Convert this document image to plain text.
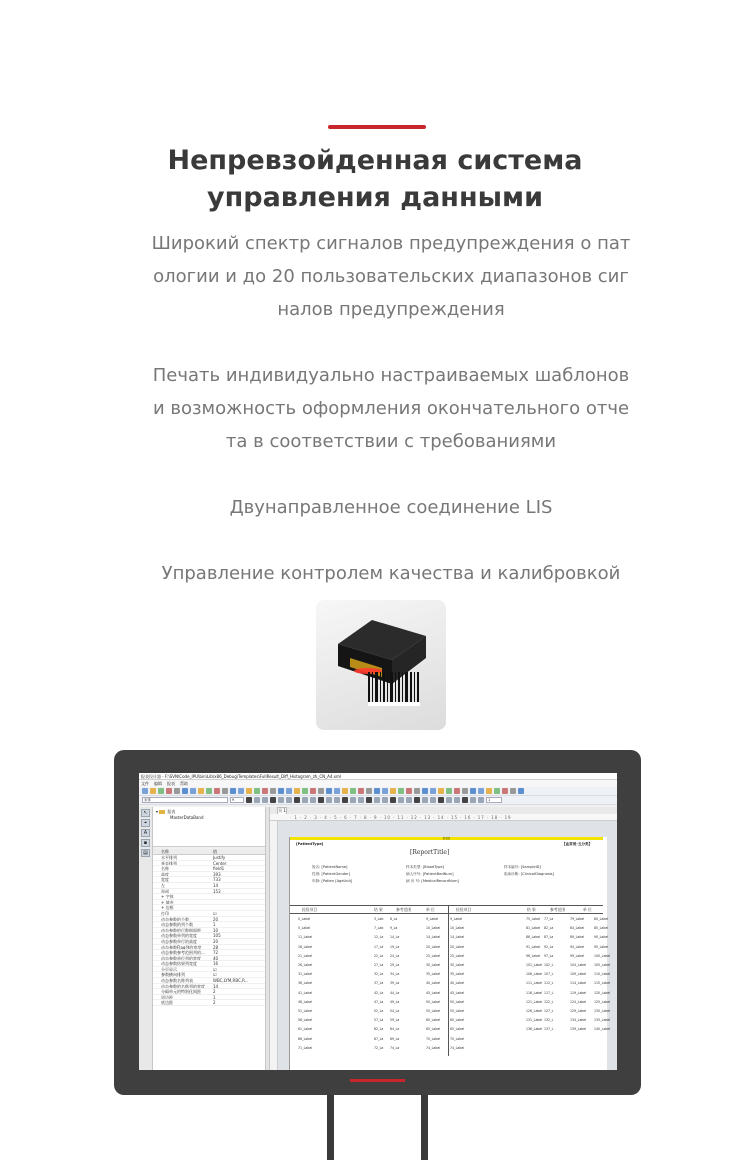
Непревзойденная система
управления данными
Широкий спектр сигналов предупреждения о пат
ологии и до 20 пользовательских диапазонов сиг
налов предупреждения
Печать индивидуально настраиваемых шаблонов
и возможность оформления окончательного отче
та в соответствии с требованиями
Двунаправленное соединение LIS
Управление контролем качества и калибровкой
报表设计器 - F:\SVN\Code_IPU\bin\Lib\x86_Debug\Templates\FullResult_Diff_Histogram_zh_CN_A4.xml
文件 编辑 报表 帮助
宋体	9	1
↖
⌖
A
▪
▤
▾ 报表
MasterDataBand
名称	值
水平排列	Justify
垂直排列	Center
名称	field1
高度	393
宽度	733
左	14
顶部	153
+ 字体
+ 填充
+ 边框
打印	☑
动态参数的个数	20
动态参数的列个数	1
动态参数的行数据间距	10
动态参数单列的宽度	105
动态参数单行的高度	20
动态参数Flag列的宽度	28
动态参数参考范围列的...	72
动态参数单位列的宽度	40
动态参数结果列宽度	16
分页显示	☑
参数横向排列	☑
动态参数名称列表	WBC,LYM,RBC,R...
动态参数的名称列的宽度	14
分隔单元的特别化间距	2
顶边距	1
底边距	2
页 1
· 1 · 2 · 3 · 4 · 5 · 6 · 7 · 8 · 9 · 10 · 11 · 12 · 13 · 14 · 15 · 16 · 17 · 18 · 19
报表区
[PatientType]	【血常规-五分类】
[ReportTitle]
姓名: [PatientName]
性别: [PatientGender]
年龄: [Patien [AgeUnit]
样本类型: [BloodType]
病人序号: [PatientBedNum]
病 历 号: [MedicalRecordNum]
样本编号: [SampleID]
临床诊断: [ClinicalDiagnosis]
检验项目	结 果	参考范围	单 位	检验项目	结 果	参考范围	单 位
0_Label	3_Lab 6_La	9_Label	9_Label	75_Label 77_La	79_Label	80_Label
5_Label	7_Lab 9_La	10_Label	10_Label	81_Label 82_La	84_Label	85_Label
11_Label	12_La 14_La	14_Label	14_Label	86_Label 87_La	89_Label	90_Label
16_Label	17_La 19_La	20_Label	20_Label	91_Label 92_La	94_Label	95_Label
21_Label	22_La 24_La	25_Label	25_Label	96_Label 97_La	99_Label	100_Label
26_Label	27_La 29_La	30_Label	30_Label	101_Label 102_L	104_Label 105_Label
31_Label	32_La 34_La	35_Label	35_Label	106_Label 107_L	109_Label 110_Label
36_Label	37_La 39_La	40_Label	40_Label	111_Label 112_L	114_Label 115_Label
41_Label	42_La 44_La	45_Label	45_Label	116_Label 117_L	119_Label 120_Label
46_Label	47_La 49_La	50_Label	50_Label	121_Label 122_L	124_Label 125_Label
51_Label	52_La 54_La	55_Label	55_Label	126_Label 127_L	129_Label 130_Label
56_Label	57_La 59_La	60_Label	60_Label	131_Label 132_L	134_Label 135_Label
61_Label	62_La 64_La	65_Label	65_Label	136_Label 137_L	139_Label 140_Label
66_Label	67_La 69_La	70_Label	70_Label
71_Label	72_La 74_La	74_Label	74_Label
